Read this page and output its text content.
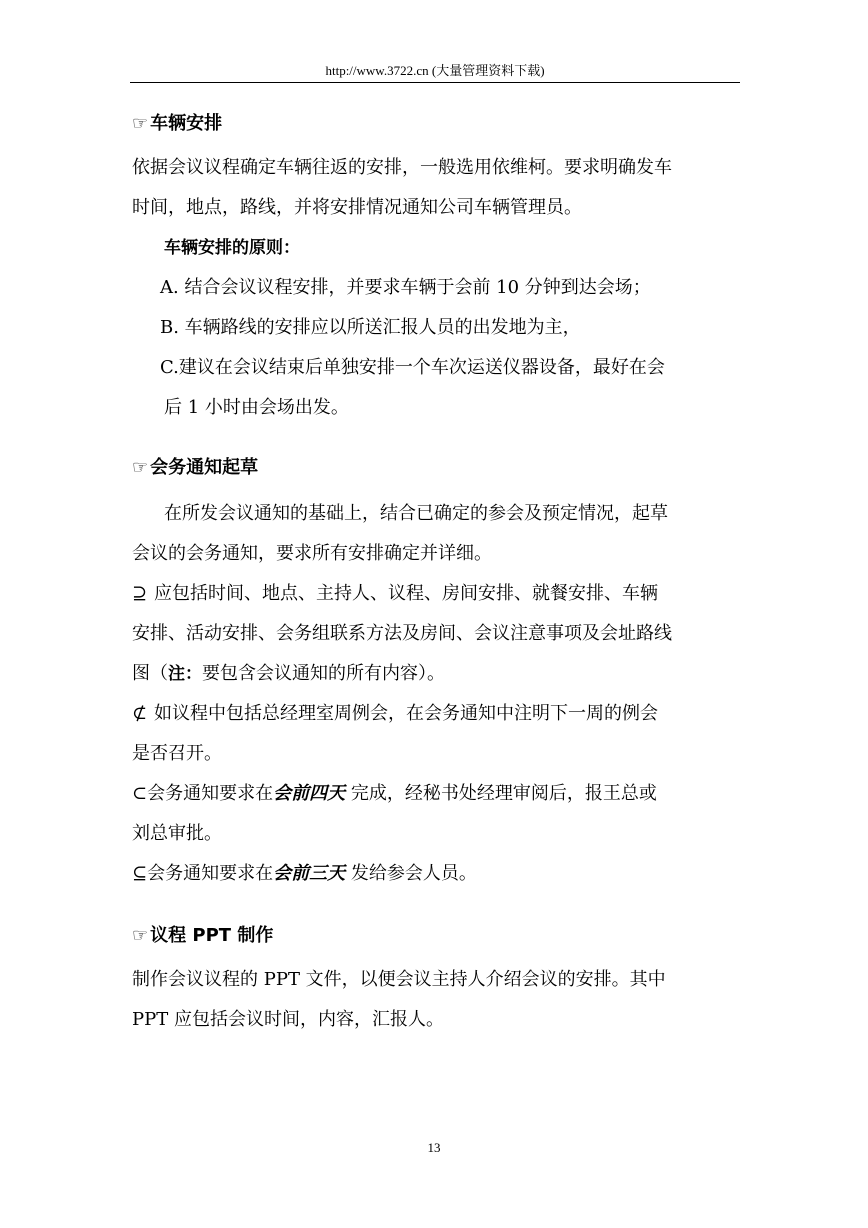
http://www.3722.cn (大量管理资料下载)
☞ 车辆安排
依据会议议程确定车辆往返的安排，一般选用依维柯。要求明确发车
时间，地点，路线，并将安排情况通知公司车辆管理员。
车辆安排的原则：
A. 结合会议议程安排，并要求车辆于会前 10 分钟到达会场；
B. 车辆路线的安排应以所送汇报人员的出发地为主，
C.建议在会议结束后单独安排一个车次运送仪器设备，最好在会
后 1 小时由会场出发。
☞ 会务通知起草
在所发会议通知的基础上，结合已确定的参会及预定情况，起草
会议的会务通知，要求所有安排确定并详细。
⊇ 应包括时间、地点、主持人、议程、房间安排、就餐安排、车辆
安排、活动安排、会务组联系方法及房间、会议注意事项及会址路线
图（注：要包含会议通知的所有内容）。
⊄ 如议程中包括总经理室周例会，在会务通知中注明下一周的例会
是否召开。
⊂会务通知要求在会前四天 完成，经秘书处经理审阅后，报王总或
刘总审批。
⊆会务通知要求在会前三天 发给参会人员。
☞ 议程 PPT 制作
制作会议议程的 PPT 文件，以便会议主持人介绍会议的安排。其中
PPT 应包括会议时间，内容，汇报人。
13
